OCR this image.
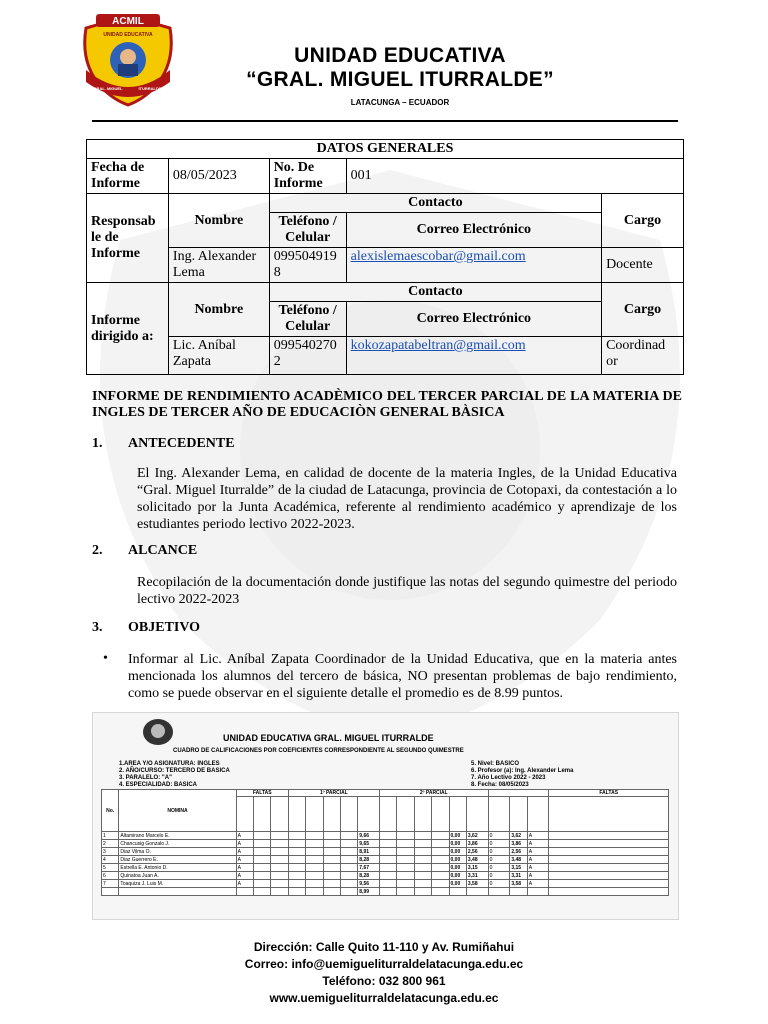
ACMIL
UNIDAD EDUCATIVA
GRAL. MIGUEL	ITURRALDE
UNIDAD EDUCATIVA
“GRAL. MIGUEL ITURRALDE”
LATACUNGA – ECUADOR
DATOS GENERALES				
Fecha de Informe	08/05/2023	No. De Informe	001	
Responsab le de Informe	Nombre	Contacto		Cargo
		Teléfono / Celular	Correo Electrónico	
	Ing. Alexander Lema	099504919 8	alexislemaescobar@gmail.com	Docente
Informe dirigido a:	Nombre	Contacto		Cargo
		Teléfono / Celular	Correo Electrónico	
	Lic. Aníbal Zapata	099540270 2	kokozapatabeltran@gmail.com	Coordinad or
INFORME DE RENDIMIENTO ACADÈMICO DEL TERCER PARCIAL DE LA MATERIA DE INGLES DE TERCER AÑO DE EDUCACIÒN GENERAL BÀSICA
1. ANTECEDENTE
El Ing. Alexander Lema, en calidad de docente de la materia Ingles, de la Unidad Educativa “Gral. Miguel Iturralde” de la ciudad de Latacunga, provincia de Cotopaxi, da contestación a lo solicitado por la Junta Académica, referente al rendimiento académico y aprendizaje de los estudiantes periodo lectivo 2022-2023.
2. ALCANCE
Recopilación de la documentación donde justifique las notas del segundo quimestre del periodo lectivo 2022-2023
3. OBJETIVO
• Informar al Lic. Aníbal Zapata Coordinador de la Unidad Educativa, que en la materia antes mencionada los alumnos del tercero de básica, NO presentan problemas de bajo rendimiento, como se puede observar en el siguiente detalle el promedio es de 8.99 puntos.
UNIDAD EDUCATIVA GRAL. MIGUEL ITURRALDE
CUADRO DE CALIFICACIONES POR COEFICIENTES CORRESPONDIENTE AL SEGUNDO QUIMESTRE
1.AREA Y/O ASIGNATURA: INGLES
2. AÑO/CURSO: TERCERO DE BASICA
3. PARALELO: "A"
4. ESPECIALIDAD: BASICA
5. Nivel: BASICO
6. Profesor (a): Ing. Alexander Lema
7. Año Lectivo 2022 - 2023
8. Fecha: 08/05/2023
No.	NOMINA	FALTAS			1º PARCIAL					2º PARCIAL									FALTAS

1	Altamirano Marcelo E.	A							9,66					0,00	3,62	0	3,62	A	
2	Chancusig Gonzalo J.	A							9,65					0,00	3,86	0	3,86	A	
3	Diaz Vilma O.	A							8,91					0,00	2,56	0	2,56	A	
4	Diaz Guerrero E.	A							8,28					0,00	3,48	0	3,48	A	
5	Estrella E. Antonio D.	A							7,67					0,00	3,15	0	3,15	A	
6	Quinatoa Juan A.	A							8,28					0,00	3,31	0	3,31	A	
7	Toaquiza J. Luis M.	A							9,56					0,00	3,58	0	3,58	A	
									8,99										
Dirección: Calle Quito 11-110 y Av. Rumiñahui
Correo: info@uemigueliturraldelatacunga.edu.ec
Teléfono: 032 800 961
www.uemigueliturraldelatacunga.edu.ec
